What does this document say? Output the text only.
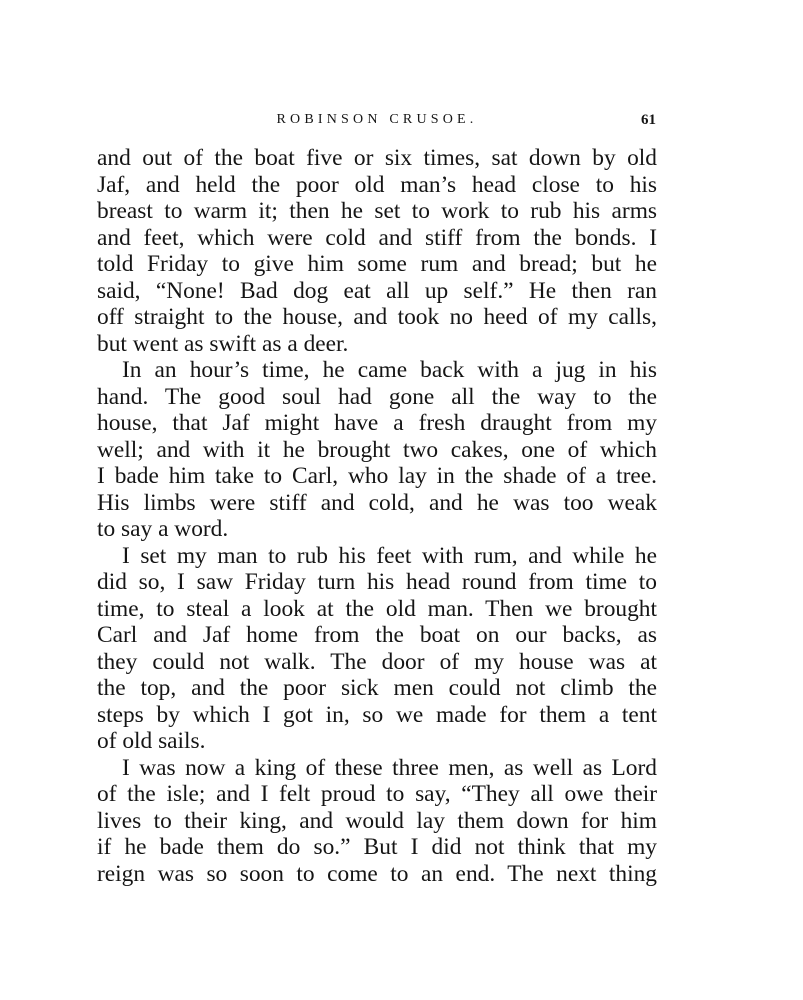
ROBINSON CRUSOE.	61
and out of the boat five or six times, sat down by old
Jaf, and held the poor old man’s head close to his
breast to warm it; then he set to work to rub his arms
and feet, which were cold and stiff from the bonds. I
told Friday to give him some rum and bread; but he
said, “None! Bad dog eat all up self.” He then ran
off straight to the house, and took no heed of my calls,
but went as swift as a deer.
In an hour’s time, he came back with a jug in his
hand. The good soul had gone all the way to the
house, that Jaf might have a fresh draught from my
well; and with it he brought two cakes, one of which
I bade him take to Carl, who lay in the shade of a tree.
His limbs were stiff and cold, and he was too weak
to say a word.
I set my man to rub his feet with rum, and while he
did so, I saw Friday turn his head round from time to
time, to steal a look at the old man. Then we brought
Carl and Jaf home from the boat on our backs, as
they could not walk. The door of my house was at
the top, and the poor sick men could not climb the
steps by which I got in, so we made for them a tent
of old sails.
I was now a king of these three men, as well as Lord
of the isle; and I felt proud to say, “They all owe their
lives to their king, and would lay them down for him
if he bade them do so.” But I did not think that my
reign was so soon to come to an end. The next thing
